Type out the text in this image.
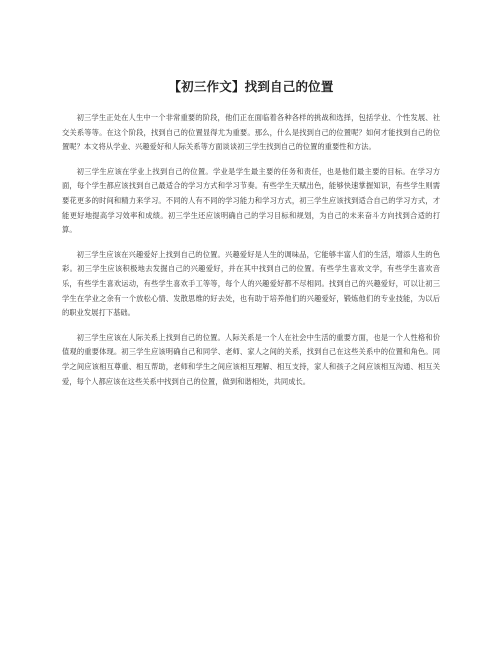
【初三作文】找到自己的位置

初三学生正处在人生中一个非常重要的阶段，他们正在面临着各种各样的挑战和选择，包括学业、个性发展、社交关系等等。在这个阶段，找到自己的位置显得尤为重要。那么，什么是找到自己的位置呢？如何才能找到自己的位置呢？本文将从学业、兴趣爱好和人际关系等方面谈谈初三学生找到自己的位置的重要性和方法。

初三学生应该在学业上找到自己的位置。学业是学生最主要的任务和责任，也是他们最主要的目标。在学习方面，每个学生都应该找到自己最适合的学习方式和学习节奏。有些学生天赋出色，能够快速掌握知识，有些学生则需要花更多的时间和精力来学习。不同的人有不同的学习能力和学习方式，初三学生应该找到适合自己的学习方式，才能更好地提高学习效率和成绩。初三学生还应该明确自己的学习目标和规划，为自己的未来奋斗方向找到合适的打算。

初三学生应该在兴趣爱好上找到自己的位置。兴趣爱好是人生的调味品，它能够丰富人们的生活，增添人生的色彩。初三学生应该积极地去发掘自己的兴趣爱好，并在其中找到自己的位置。有些学生喜欢文学，有些学生喜欢音乐，有些学生喜欢运动，有些学生喜欢手工等等，每个人的兴趣爱好都不尽相同。找到自己的兴趣爱好，可以让初三学生在学业之余有一个放松心情、发散思维的好去处，也有助于培养他们的兴趣爱好，锻炼他们的专业技能，为以后的职业发展打下基础。

初三学生应该在人际关系上找到自己的位置。人际关系是一个人在社会中生活的重要方面，也是一个人性格和价值观的重要体现。初三学生应该明确自己和同学、老师、家人之间的关系，找到自己在这些关系中的位置和角色。同学之间应该相互尊重、相互帮助，老师和学生之间应该相互理解、相互支持，家人和孩子之间应该相互沟通、相互关爱，每个人都应该在这些关系中找到自己的位置，做到和谐相处，共同成长。
